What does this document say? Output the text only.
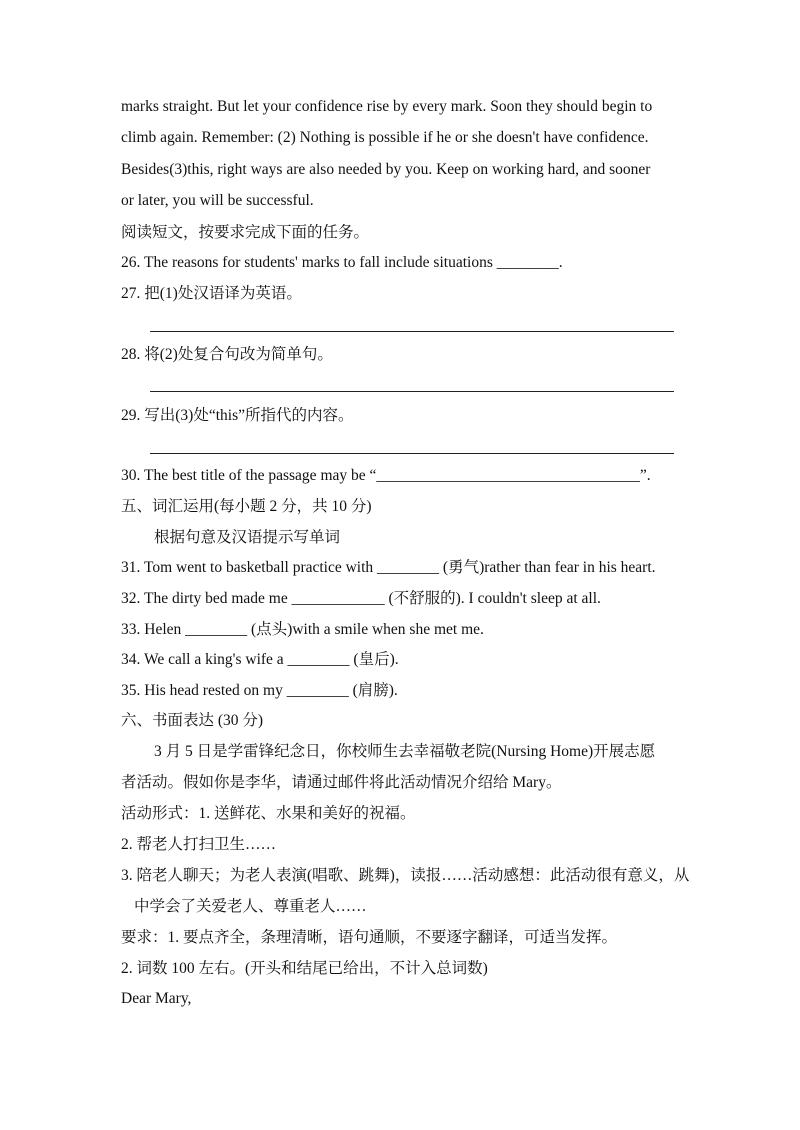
marks straight. But let your confidence rise by every mark. Soon they should begin to
climb again. Remember: (2) Nothing is possible if he or she doesn't have confidence.
Besides(3)this, right ways are also needed by you. Keep on working hard, and sooner
or later, you will be successful.
阅读短文，按要求完成下面的任务。
26. The reasons for students' marks to fall include situations ________.
27. 把(1)处汉语译为英语。
28. 将(2)处复合句改为简单句。
29. 写出(3)处“this”所指代的内容。
30. The best title of the passage may be “__________________________________”.
五、词汇运用(每小题 2 分，共 10 分)
根据句意及汉语提示写单词
31. Tom went to basketball practice with ________ (勇气)rather than fear in his heart.
32. The dirty bed made me ____________ (不舒服的). I couldn't sleep at all.
33. Helen ________ (点头)with a smile when she met me.
34. We call a king's wife a ________ (皇后).
35. His head rested on my ________ (肩膀).
六、书面表达 (30 分)
3 月 5 日是学雷锋纪念日，你校师生去幸福敬老院(Nursing Home)开展志愿
者活动。假如你是李华，请通过邮件将此活动情况介绍给 Mary。
活动形式：1. 送鲜花、水果和美好的祝福。
2. 帮老人打扫卫生……
3. 陪老人聊天；为老人表演(唱歌、跳舞)，读报……活动感想：此活动很有意义，从
中学会了关爱老人、尊重老人……
要求：1. 要点齐全，条理清晰，语句通顺，不要逐字翻译，可适当发挥。
2. 词数 100 左右。(开头和结尾已给出，不计入总词数)
Dear Mary,
